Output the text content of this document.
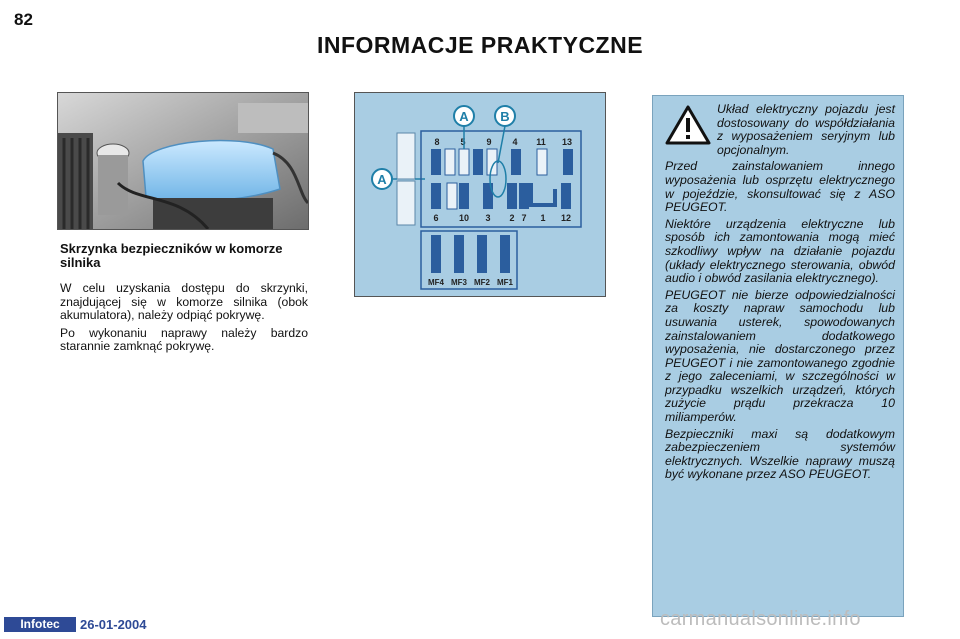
82
INFORMACJE PRAKTYCZNE
Skrzynka bezpieczników w komorze silnika

W celu uzyskania dostępu do skrzynki, znajdującej się w komorze silnika (obok akumulatora), należy odpiąć pokrywę.

Po wykonaniu naprawy należy bardzo starannie zamknąć pokrywę.

8 5 9 4 11 13
6 10 3 2 7 1 12
MF4 MF3 MF2 MF1
A B
A

Układ elektryczny pojazdu jest dostosowany do współdziałania z wyposażeniem seryjnym lub opcjonalnym.

Przed zainstalowaniem innego wyposażenia lub osprzętu elektrycznego w pojeździe, skonsultować się z ASO PEUGEOT.

Niektóre urządzenia elektryczne lub sposób ich zamontowania mogą mieć szkodliwy wpływ na działanie pojazdu (układy elektrycznego sterowania, obwód audio i obwód zasilania elektrycznego).

PEUGEOT nie bierze odpowiedzialności za koszty napraw samochodu lub usuwania usterek, spowodowanych zainstalowaniem dodatkowego wyposażenia, nie dostarczonego przez PEUGEOT i nie zamontowanego zgodnie z jego zaleceniami, w szczególności w przypadku wszelkich urządzeń, których zużycie prądu przekracza 10 miliamperów.

Bezpieczniki maxi są dodatkowym zabezpieczeniem systemów elektrycznych. Wszelkie naprawy muszą być wykonane przez ASO PEUGEOT.

Infotec	26-01-2004	carmanualsonline.info
